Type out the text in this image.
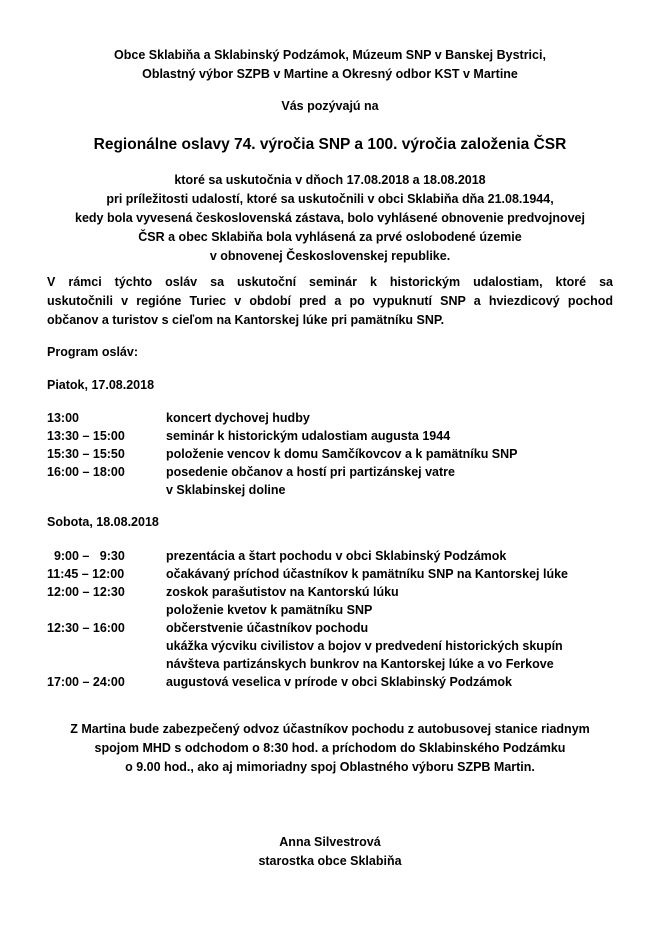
Obce Sklabiňa a Sklabinský Podzámok, Múzeum SNP v Banskej Bystrici,
Oblastný výbor SZPB v Martine a Okresný odbor KST v Martine
Vás pozývajú na
Regionálne oslavy 74. výročia SNP a 100. výročia založenia ČSR
ktoré sa uskutočnia v dňoch 17.08.2018 a 18.08.2018
pri príležitosti udalostí, ktoré sa uskutočnili v obci Sklabiňa dňa 21.08.1944,
kedy bola vyvesená československá zástava, bolo vyhlásené obnovenie predvojnovej
ČSR a obec Sklabiňa bola vyhlásená za prvé oslobodené územie
v obnovenej Československej republike.
V rámci týchto osláv sa uskutoční seminár k historickým udalostiam, ktoré sa
uskutočnili v regióne Turiec v období pred a po vypuknutí SNP a hviezdicový pochod
občanov a turistov s cieľom na Kantorskej lúke pri pamätníku SNP.
Program osláv:
Piatok, 17.08.2018
13:00	koncert dychovej hudby
13:30 – 15:00	seminár k historickým udalostiam augusta 1944
15:30 – 15:50	položenie vencov k domu Samčíkovcov a k pamätníku SNP
16:00 – 18:00	posedenie občanov a hostí pri partizánskej vatre
v Sklabinskej doline
Sobota, 18.08.2018
9:00 –   9:30	prezentácia a štart pochodu v obci Sklabinský Podzámok
11:45 – 12:00	očakávaný príchod účastníkov k pamätníku SNP na Kantorskej lúke
12:00 – 12:30	zoskok parašutistov na Kantorskú lúku
položenie kvetov k pamätníku SNP
12:30 – 16:00	občerstvenie účastníkov pochodu
ukážka výcviku civilistov a bojov v predvedení historických skupín
návšteva partizánskych bunkrov na Kantorskej lúke a vo Ferkove
17:00 – 24:00	augustová veselica v prírode v obci Sklabinský Podzámok
Z Martina bude zabezpečený odvoz účastníkov pochodu z autobusovej stanice riadnym
spojom MHD s odchodom o 8:30 hod. a príchodom do Sklabinského Podzámku
o 9.00 hod., ako aj mimoriadny spoj Oblastného výboru SZPB Martin.
Anna Silvestrová
starostka obce Sklabiňa
